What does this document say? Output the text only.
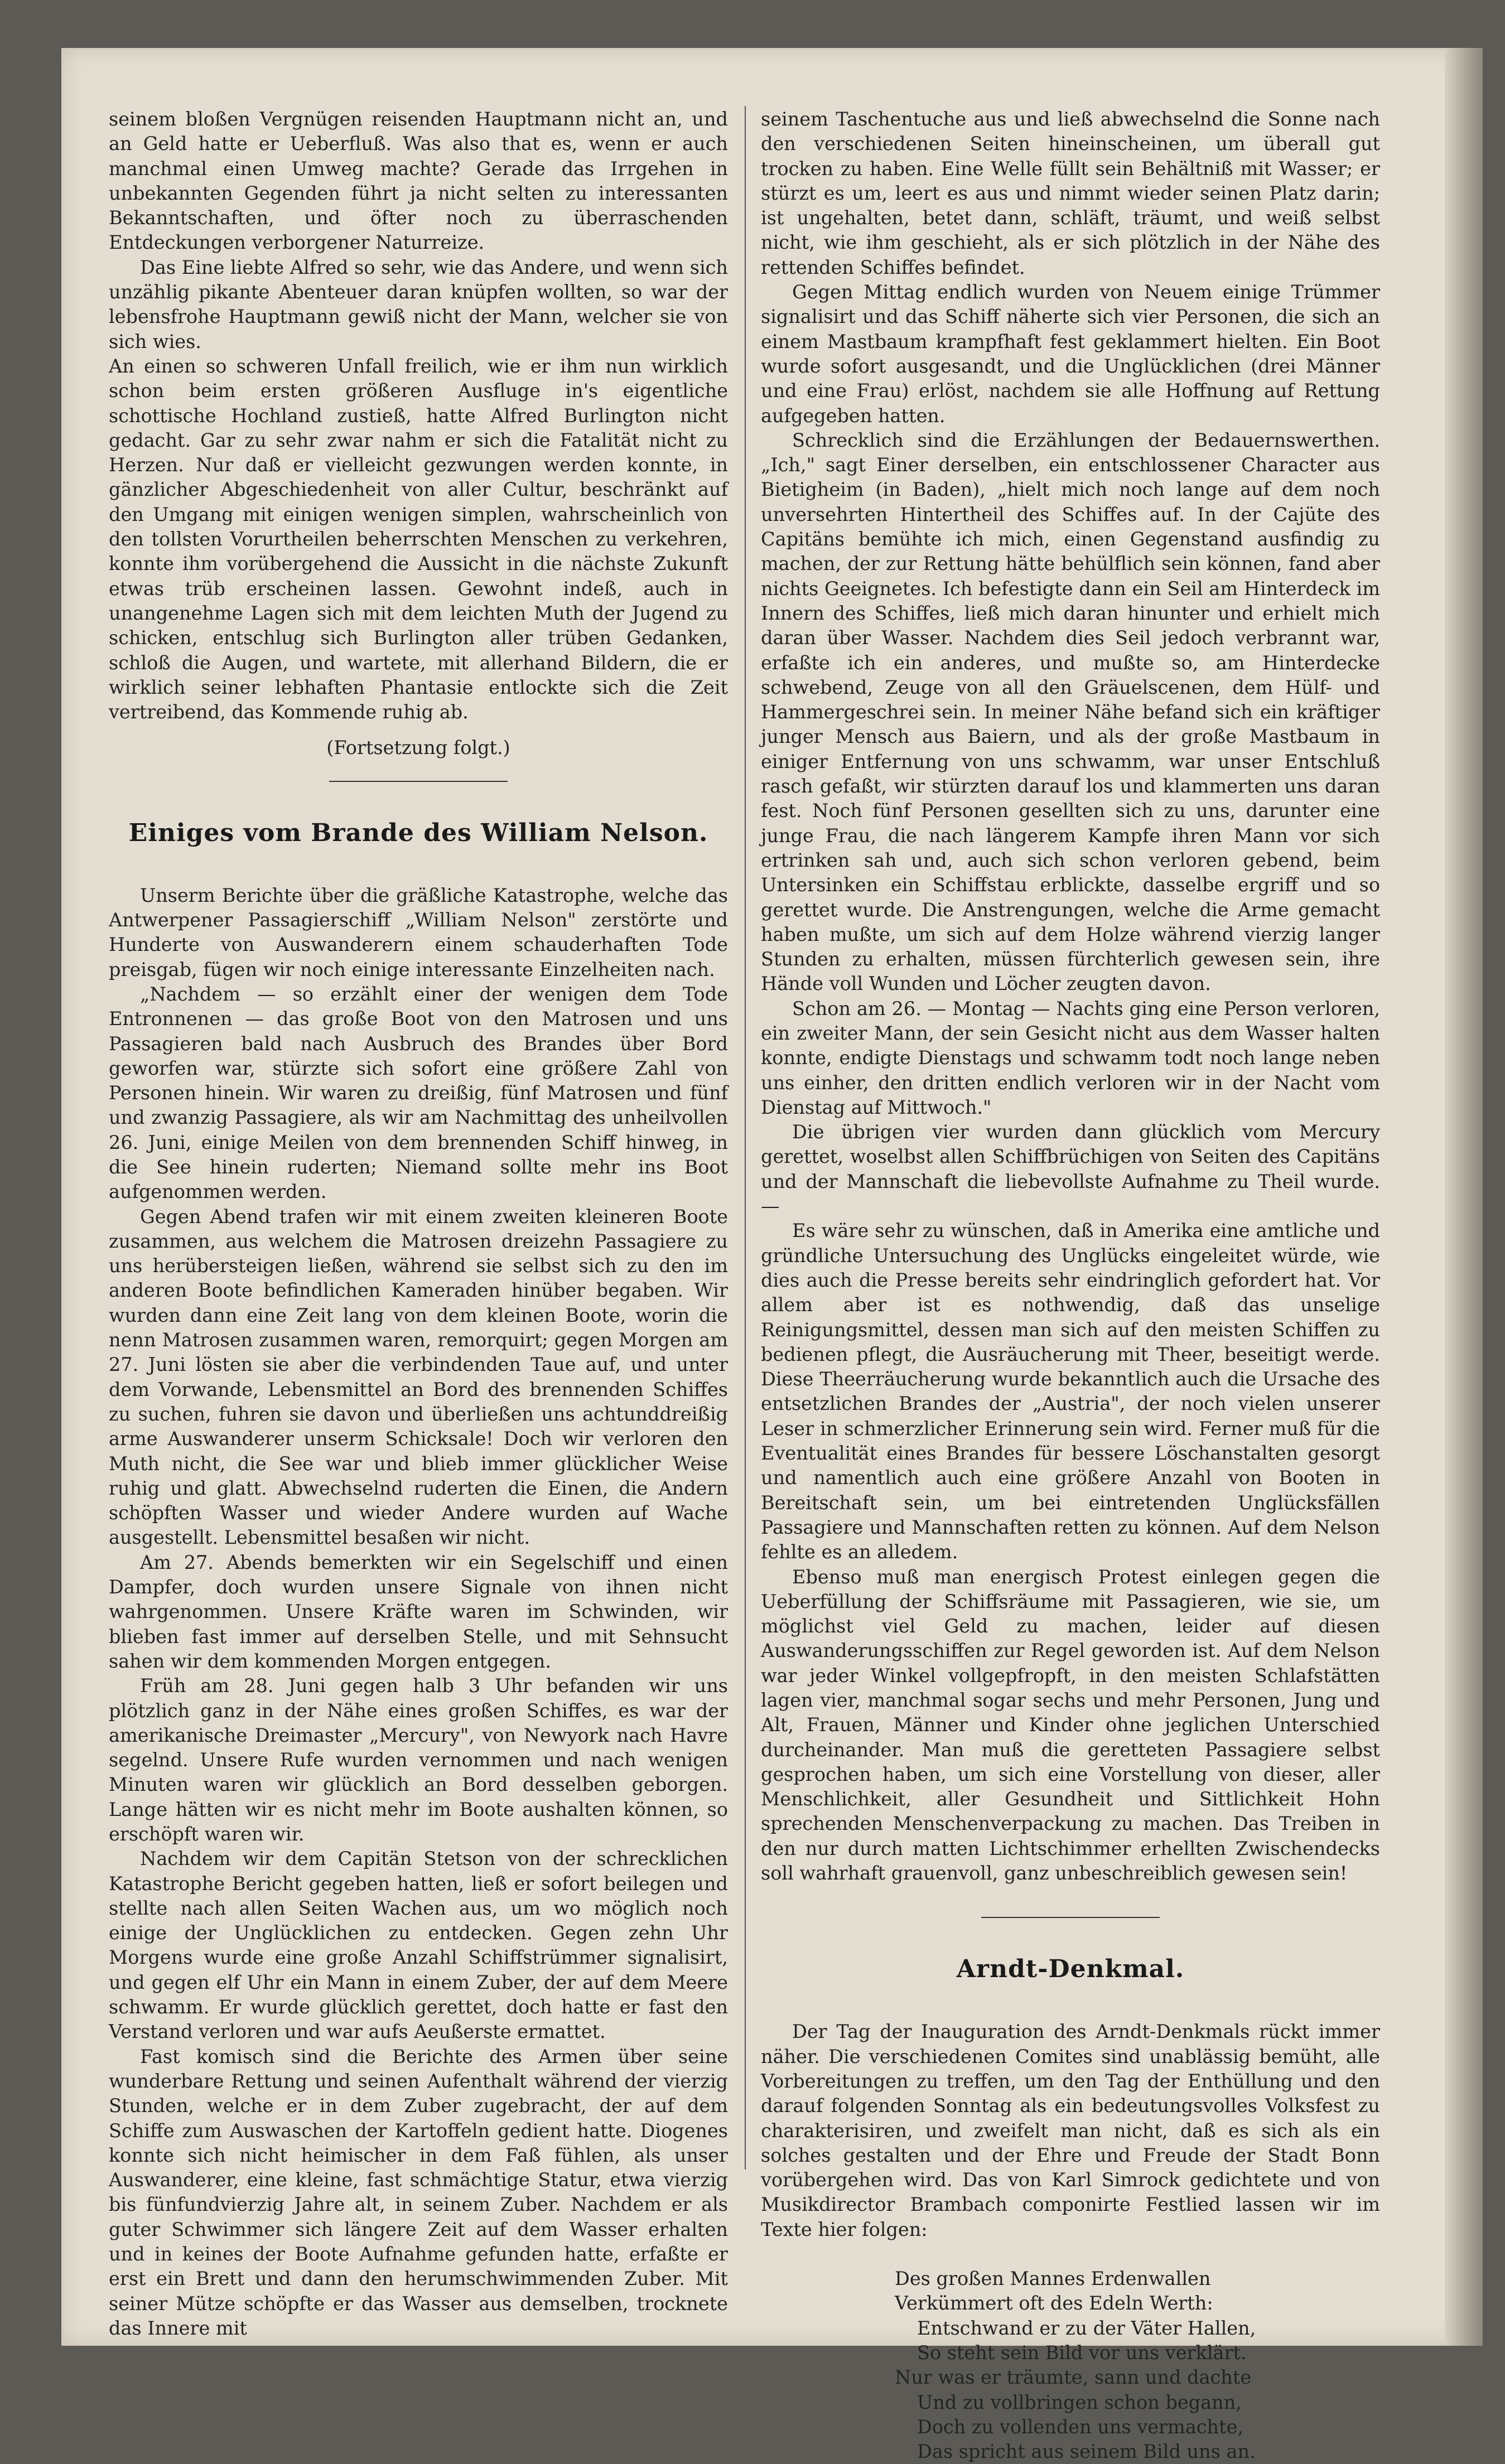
seinem bloßen Vergnügen reisenden Hauptmann nicht an, und an Geld hatte er Ueberfluß. Was also that es, wenn er auch manchmal einen Umweg machte? Gerade das Irrgehen in unbekannten Gegenden führt ja nicht selten zu interessanten Bekanntschaften, und öfter noch zu überraschenden Entdeckungen verborgener Naturreize.

Das Eine liebte Alfred so sehr, wie das Andere, und wenn sich unzählig pikante Abenteuer daran knüpfen wollten, so war der lebensfrohe Hauptmann gewiß nicht der Mann, welcher sie von sich wies.

An einen so schweren Unfall freilich, wie er ihm nun wirklich schon beim ersten größeren Ausfluge in's eigentliche schottische Hochland zustieß, hatte Alfred Burlington nicht gedacht. Gar zu sehr zwar nahm er sich die Fatalität nicht zu Herzen. Nur daß er vielleicht gezwungen werden konnte, in gänzlicher Abgeschiedenheit von aller Cultur, beschränkt auf den Umgang mit einigen wenigen simplen, wahrscheinlich von den tollsten Vorurtheilen beherrschten Menschen zu verkehren, konnte ihm vorübergehend die Aussicht in die nächste Zukunft etwas trüb erscheinen lassen. Gewohnt indeß, auch in unangenehme Lagen sich mit dem leichten Muth der Jugend zu schicken, entschlug sich Burlington aller trüben Gedanken, schloß die Augen, und wartete, mit allerhand Bildern, die er wirklich seiner lebhaften Phantasie entlockte sich die Zeit vertreibend, das Kommende ruhig ab.

(Fortsetzung folgt.)

Einiges vom Brande des William Nelson.

Unserm Berichte über die gräßliche Katastrophe, welche das Antwerpener Passagierschiff „William Nelson" zerstörte und Hunderte von Auswanderern einem schauderhaften Tode preisgab, fügen wir noch einige interessante Einzelheiten nach.

„Nachdem — so erzählt einer der wenigen dem Tode Entronnenen — das große Boot von den Matrosen und uns Passagieren bald nach Ausbruch des Brandes über Bord geworfen war, stürzte sich sofort eine größere Zahl von Personen hinein. Wir waren zu dreißig, fünf Matrosen und fünf und zwanzig Passagiere, als wir am Nachmittag des unheilvollen 26. Juni, einige Meilen von dem brennenden Schiff hinweg, in die See hinein ruderten; Niemand sollte mehr ins Boot aufgenommen werden.

Gegen Abend trafen wir mit einem zweiten kleineren Boote zusammen, aus welchem die Matrosen dreizehn Passagiere zu uns herübersteigen ließen, während sie selbst sich zu den im anderen Boote befindlichen Kameraden hinüber begaben. Wir wurden dann eine Zeit lang von dem kleinen Boote, worin die nenn Matrosen zusammen waren, remorquirt; gegen Morgen am 27. Juni lösten sie aber die verbindenden Taue auf, und unter dem Vorwande, Lebensmittel an Bord des brennenden Schiffes zu suchen, fuhren sie davon und überließen uns achtunddreißig arme Auswanderer unserm Schicksale! Doch wir verloren den Muth nicht, die See war und blieb immer glücklicher Weise ruhig und glatt. Abwechselnd ruderten die Einen, die Andern schöpften Wasser und wieder Andere wurden auf Wache ausgestellt. Lebensmittel besaßen wir nicht.

Am 27. Abends bemerkten wir ein Segelschiff und einen Dampfer, doch wurden unsere Signale von ihnen nicht wahrgenommen. Unsere Kräfte waren im Schwinden, wir blieben fast immer auf derselben Stelle, und mit Sehnsucht sahen wir dem kommenden Morgen entgegen.

Früh am 28. Juni gegen halb 3 Uhr befanden wir uns plötzlich ganz in der Nähe eines großen Schiffes, es war der amerikanische Dreimaster „Mercury", von Newyork nach Havre segelnd. Unsere Rufe wurden vernommen und nach wenigen Minuten waren wir glücklich an Bord desselben geborgen. Lange hätten wir es nicht mehr im Boote aushalten können, so erschöpft waren wir.

Nachdem wir dem Capitän Stetson von der schrecklichen Katastrophe Bericht gegeben hatten, ließ er sofort beilegen und stellte nach allen Seiten Wachen aus, um wo möglich noch einige der Unglücklichen zu entdecken. Gegen zehn Uhr Morgens wurde eine große Anzahl Schiffstrümmer signalisirt, und gegen elf Uhr ein Mann in einem Zuber, der auf dem Meere schwamm. Er wurde glücklich gerettet, doch hatte er fast den Verstand verloren und war aufs Aeußerste ermattet.

Fast komisch sind die Berichte des Armen über seine wunderbare Rettung und seinen Aufenthalt während der vierzig Stunden, welche er in dem Zuber zugebracht, der auf dem Schiffe zum Auswaschen der Kartoffeln gedient hatte. Diogenes konnte sich nicht heimischer in dem Faß fühlen, als unser Auswanderer, eine kleine, fast schmächtige Statur, etwa vierzig bis fünfundvierzig Jahre alt, in seinem Zuber. Nachdem er als guter Schwimmer sich längere Zeit auf dem Wasser erhalten und in keines der Boote Aufnahme gefunden hatte, erfaßte er erst ein Brett und dann den herumschwimmenden Zuber. Mit seiner Mütze schöpfte er das Wasser aus demselben, trocknete das Innere mit

seinem Taschentuche aus und ließ abwechselnd die Sonne nach den verschiedenen Seiten hineinscheinen, um überall gut trocken zu haben. Eine Welle füllt sein Behältniß mit Wasser; er stürzt es um, leert es aus und nimmt wieder seinen Platz darin; ist ungehalten, betet dann, schläft, träumt, und weiß selbst nicht, wie ihm geschieht, als er sich plötzlich in der Nähe des rettenden Schiffes befindet.

Gegen Mittag endlich wurden von Neuem einige Trümmer signalisirt und das Schiff näherte sich vier Personen, die sich an einem Mastbaum krampfhaft fest geklammert hielten. Ein Boot wurde sofort ausgesandt, und die Unglücklichen (drei Männer und eine Frau) erlöst, nachdem sie alle Hoffnung auf Rettung aufgegeben hatten.

Schrecklich sind die Erzählungen der Bedauernswerthen. „Ich," sagt Einer derselben, ein entschlossener Character aus Bietigheim (in Baden), „hielt mich noch lange auf dem noch unversehrten Hintertheil des Schiffes auf. In der Cajüte des Capitäns bemühte ich mich, einen Gegenstand ausfindig zu machen, der zur Rettung hätte behülflich sein können, fand aber nichts Geeignetes. Ich befestigte dann ein Seil am Hinterdeck im Innern des Schiffes, ließ mich daran hinunter und erhielt mich daran über Wasser. Nachdem dies Seil jedoch verbrannt war, erfaßte ich ein anderes, und mußte so, am Hinterdecke schwebend, Zeuge von all den Gräuelscenen, dem Hülf- und Hammergeschrei sein. In meiner Nähe befand sich ein kräftiger junger Mensch aus Baiern, und als der große Mastbaum in einiger Entfernung von uns schwamm, war unser Entschluß rasch gefaßt, wir stürzten darauf los und klammerten uns daran fest. Noch fünf Personen gesellten sich zu uns, darunter eine junge Frau, die nach längerem Kampfe ihren Mann vor sich ertrinken sah und, auch sich schon verloren gebend, beim Untersinken ein Schiffstau erblickte, dasselbe ergriff und so gerettet wurde. Die Anstrengungen, welche die Arme gemacht haben mußte, um sich auf dem Holze während vierzig langer Stunden zu erhalten, müssen fürchterlich gewesen sein, ihre Hände voll Wunden und Löcher zeugten davon.

Schon am 26. — Montag — Nachts ging eine Person verloren, ein zweiter Mann, der sein Gesicht nicht aus dem Wasser halten konnte, endigte Dienstags und schwamm todt noch lange neben uns einher, den dritten endlich verloren wir in der Nacht vom Dienstag auf Mittwoch."

Die übrigen vier wurden dann glücklich vom Mercury gerettet, woselbst allen Schiffbrüchigen von Seiten des Capitäns und der Mannschaft die liebevollste Aufnahme zu Theil wurde. —

Es wäre sehr zu wünschen, daß in Amerika eine amtliche und gründliche Untersuchung des Unglücks eingeleitet würde, wie dies auch die Presse bereits sehr eindringlich gefordert hat. Vor allem aber ist es nothwendig, daß das unselige Reinigungsmittel, dessen man sich auf den meisten Schiffen zu bedienen pflegt, die Ausräucherung mit Theer, beseitigt werde. Diese Theerräucherung wurde bekanntlich auch die Ursache des entsetzlichen Brandes der „Austria", der noch vielen unserer Leser in schmerzlicher Erinnerung sein wird. Ferner muß für die Eventualität eines Brandes für bessere Löschanstalten gesorgt und namentlich auch eine größere Anzahl von Booten in Bereitschaft sein, um bei eintretenden Unglücksfällen Passagiere und Mannschaften retten zu können. Auf dem Nelson fehlte es an alledem.

Ebenso muß man energisch Protest einlegen gegen die Ueberfüllung der Schiffsräume mit Passagieren, wie sie, um möglichst viel Geld zu machen, leider auf diesen Auswanderungsschiffen zur Regel geworden ist. Auf dem Nelson war jeder Winkel vollgepfropft, in den meisten Schlafstätten lagen vier, manchmal sogar sechs und mehr Personen, Jung und Alt, Frauen, Männer und Kinder ohne jeglichen Unterschied durcheinander. Man muß die geretteten Passagiere selbst gesprochen haben, um sich eine Vorstellung von dieser, aller Menschlichkeit, aller Gesundheit und Sittlichkeit Hohn sprechenden Menschenverpackung zu machen. Das Treiben in den nur durch matten Lichtschimmer erhellten Zwischendecks soll wahrhaft grauenvoll, ganz unbeschreiblich gewesen sein!

Arndt-Denkmal.

Der Tag der Inauguration des Arndt-Denkmals rückt immer näher. Die verschiedenen Comites sind unablässig bemüht, alle Vorbereitungen zu treffen, um den Tag der Enthüllung und den darauf folgenden Sonntag als ein bedeutungsvolles Volksfest zu charakterisiren, und zweifelt man nicht, daß es sich als ein solches gestalten und der Ehre und Freude der Stadt Bonn vorübergehen wird. Das von Karl Simrock gedichtete und von Musikdirector Brambach componirte Festlied lassen wir im Texte hier folgen:

Des großen Mannes Erdenwallen

Verkümmert oft des Edeln Werth:

Entschwand er zu der Väter Hallen,

So steht sein Bild vor uns verklärt.

Nur was er träumte, sann und dachte

Und zu vollbringen schon begann,

Doch zu vollenden uns vermachte,

Das spricht aus seinem Bild uns an.
